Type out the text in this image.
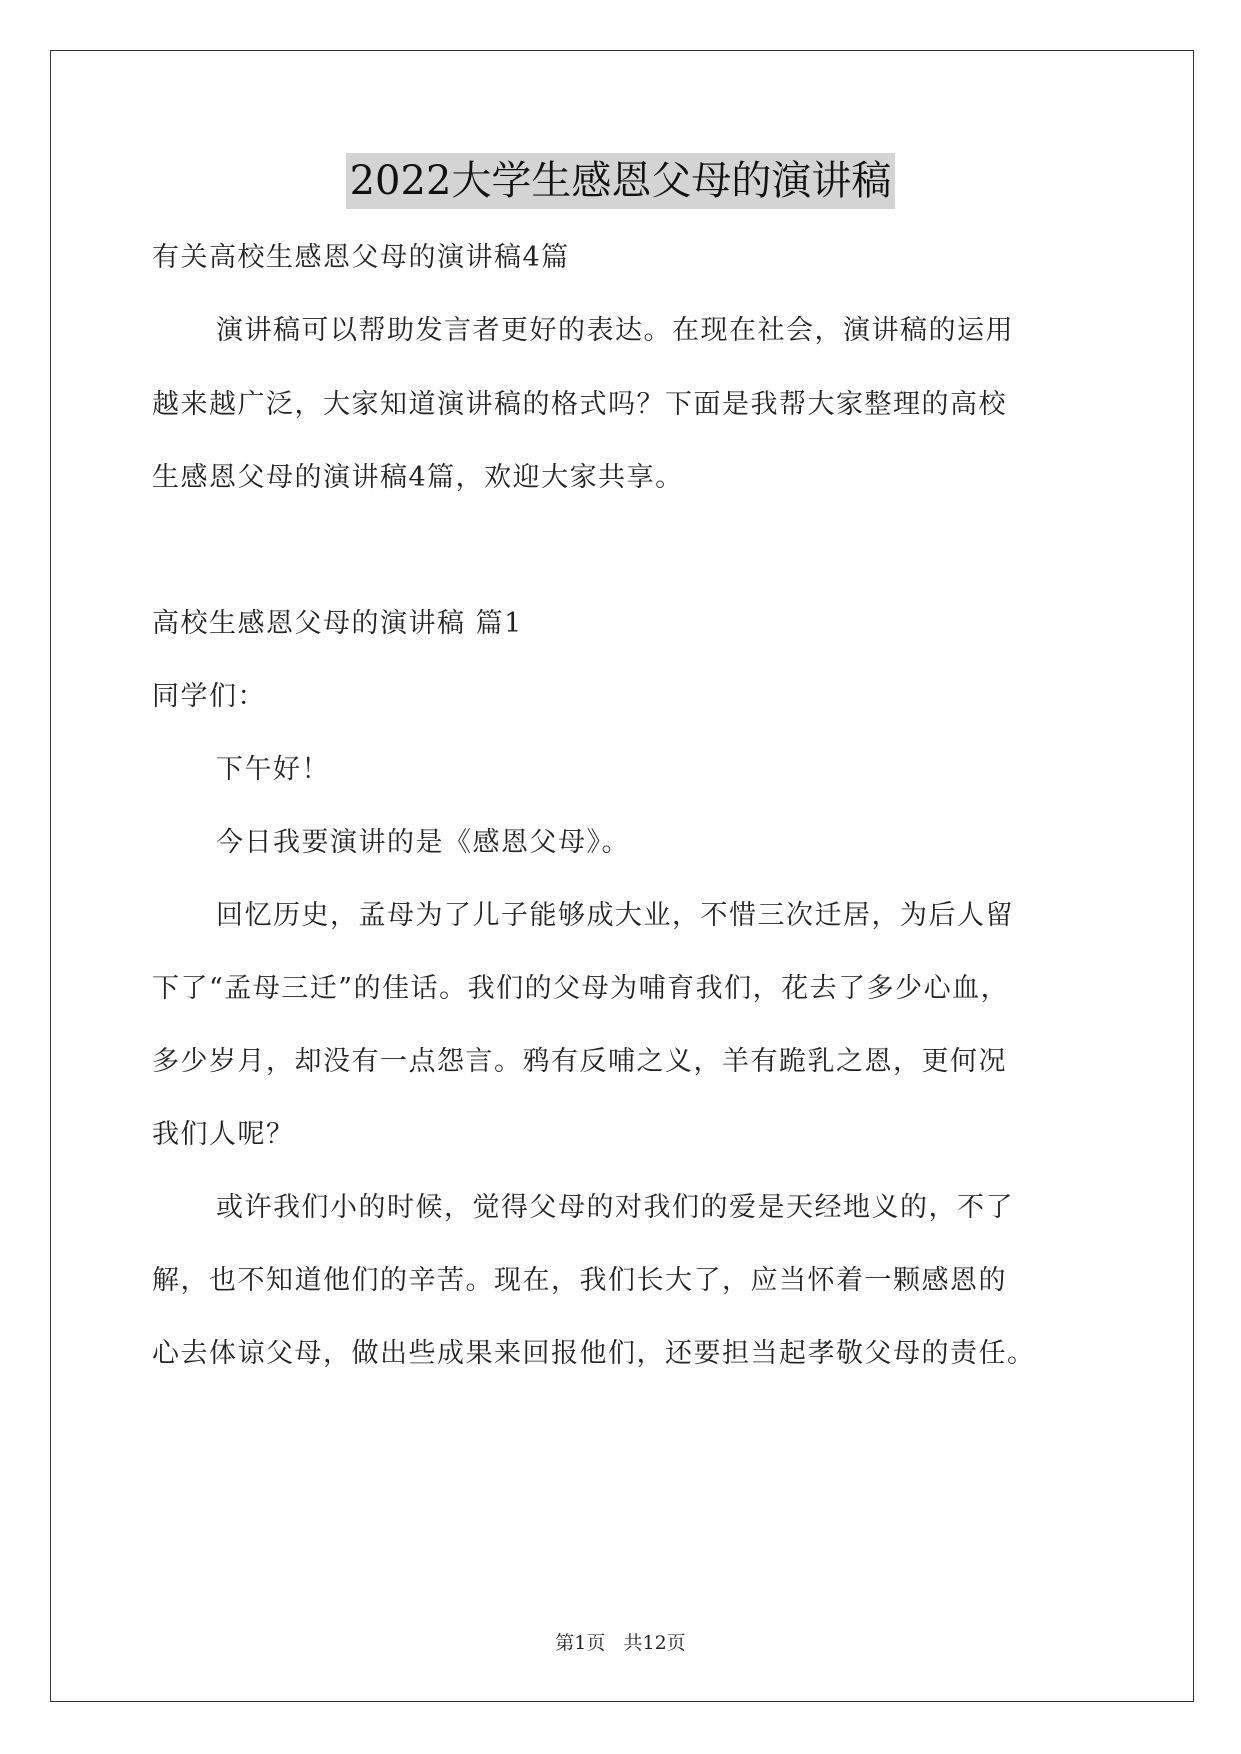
2022大学生感恩父母的演讲稿
有关高校生感恩父母的演讲稿4篇
演讲稿可以帮助发言者更好的表达。在现在社会，演讲稿的运用
越来越广泛，大家知道演讲稿的格式吗？下面是我帮大家整理的高校
生感恩父母的演讲稿4篇，欢迎大家共享。
高校生感恩父母的演讲稿 篇1
同学们：
下午好！
今日我要演讲的是《感恩父母》。
回忆历史，孟母为了儿子能够成大业，不惜三次迁居，为后人留
下了“孟母三迁”的佳话。我们的父母为哺育我们，花去了多少心血，
多少岁月，却没有一点怨言。鸦有反哺之义，羊有跪乳之恩，更何况
我们人呢？
或许我们小的时候，觉得父母的对我们的爱是天经地义的，不了
解，也不知道他们的辛苦。现在，我们长大了，应当怀着一颗感恩的
心去体谅父母，做出些成果来回报他们，还要担当起孝敬父母的责任。
第1页   共12页
